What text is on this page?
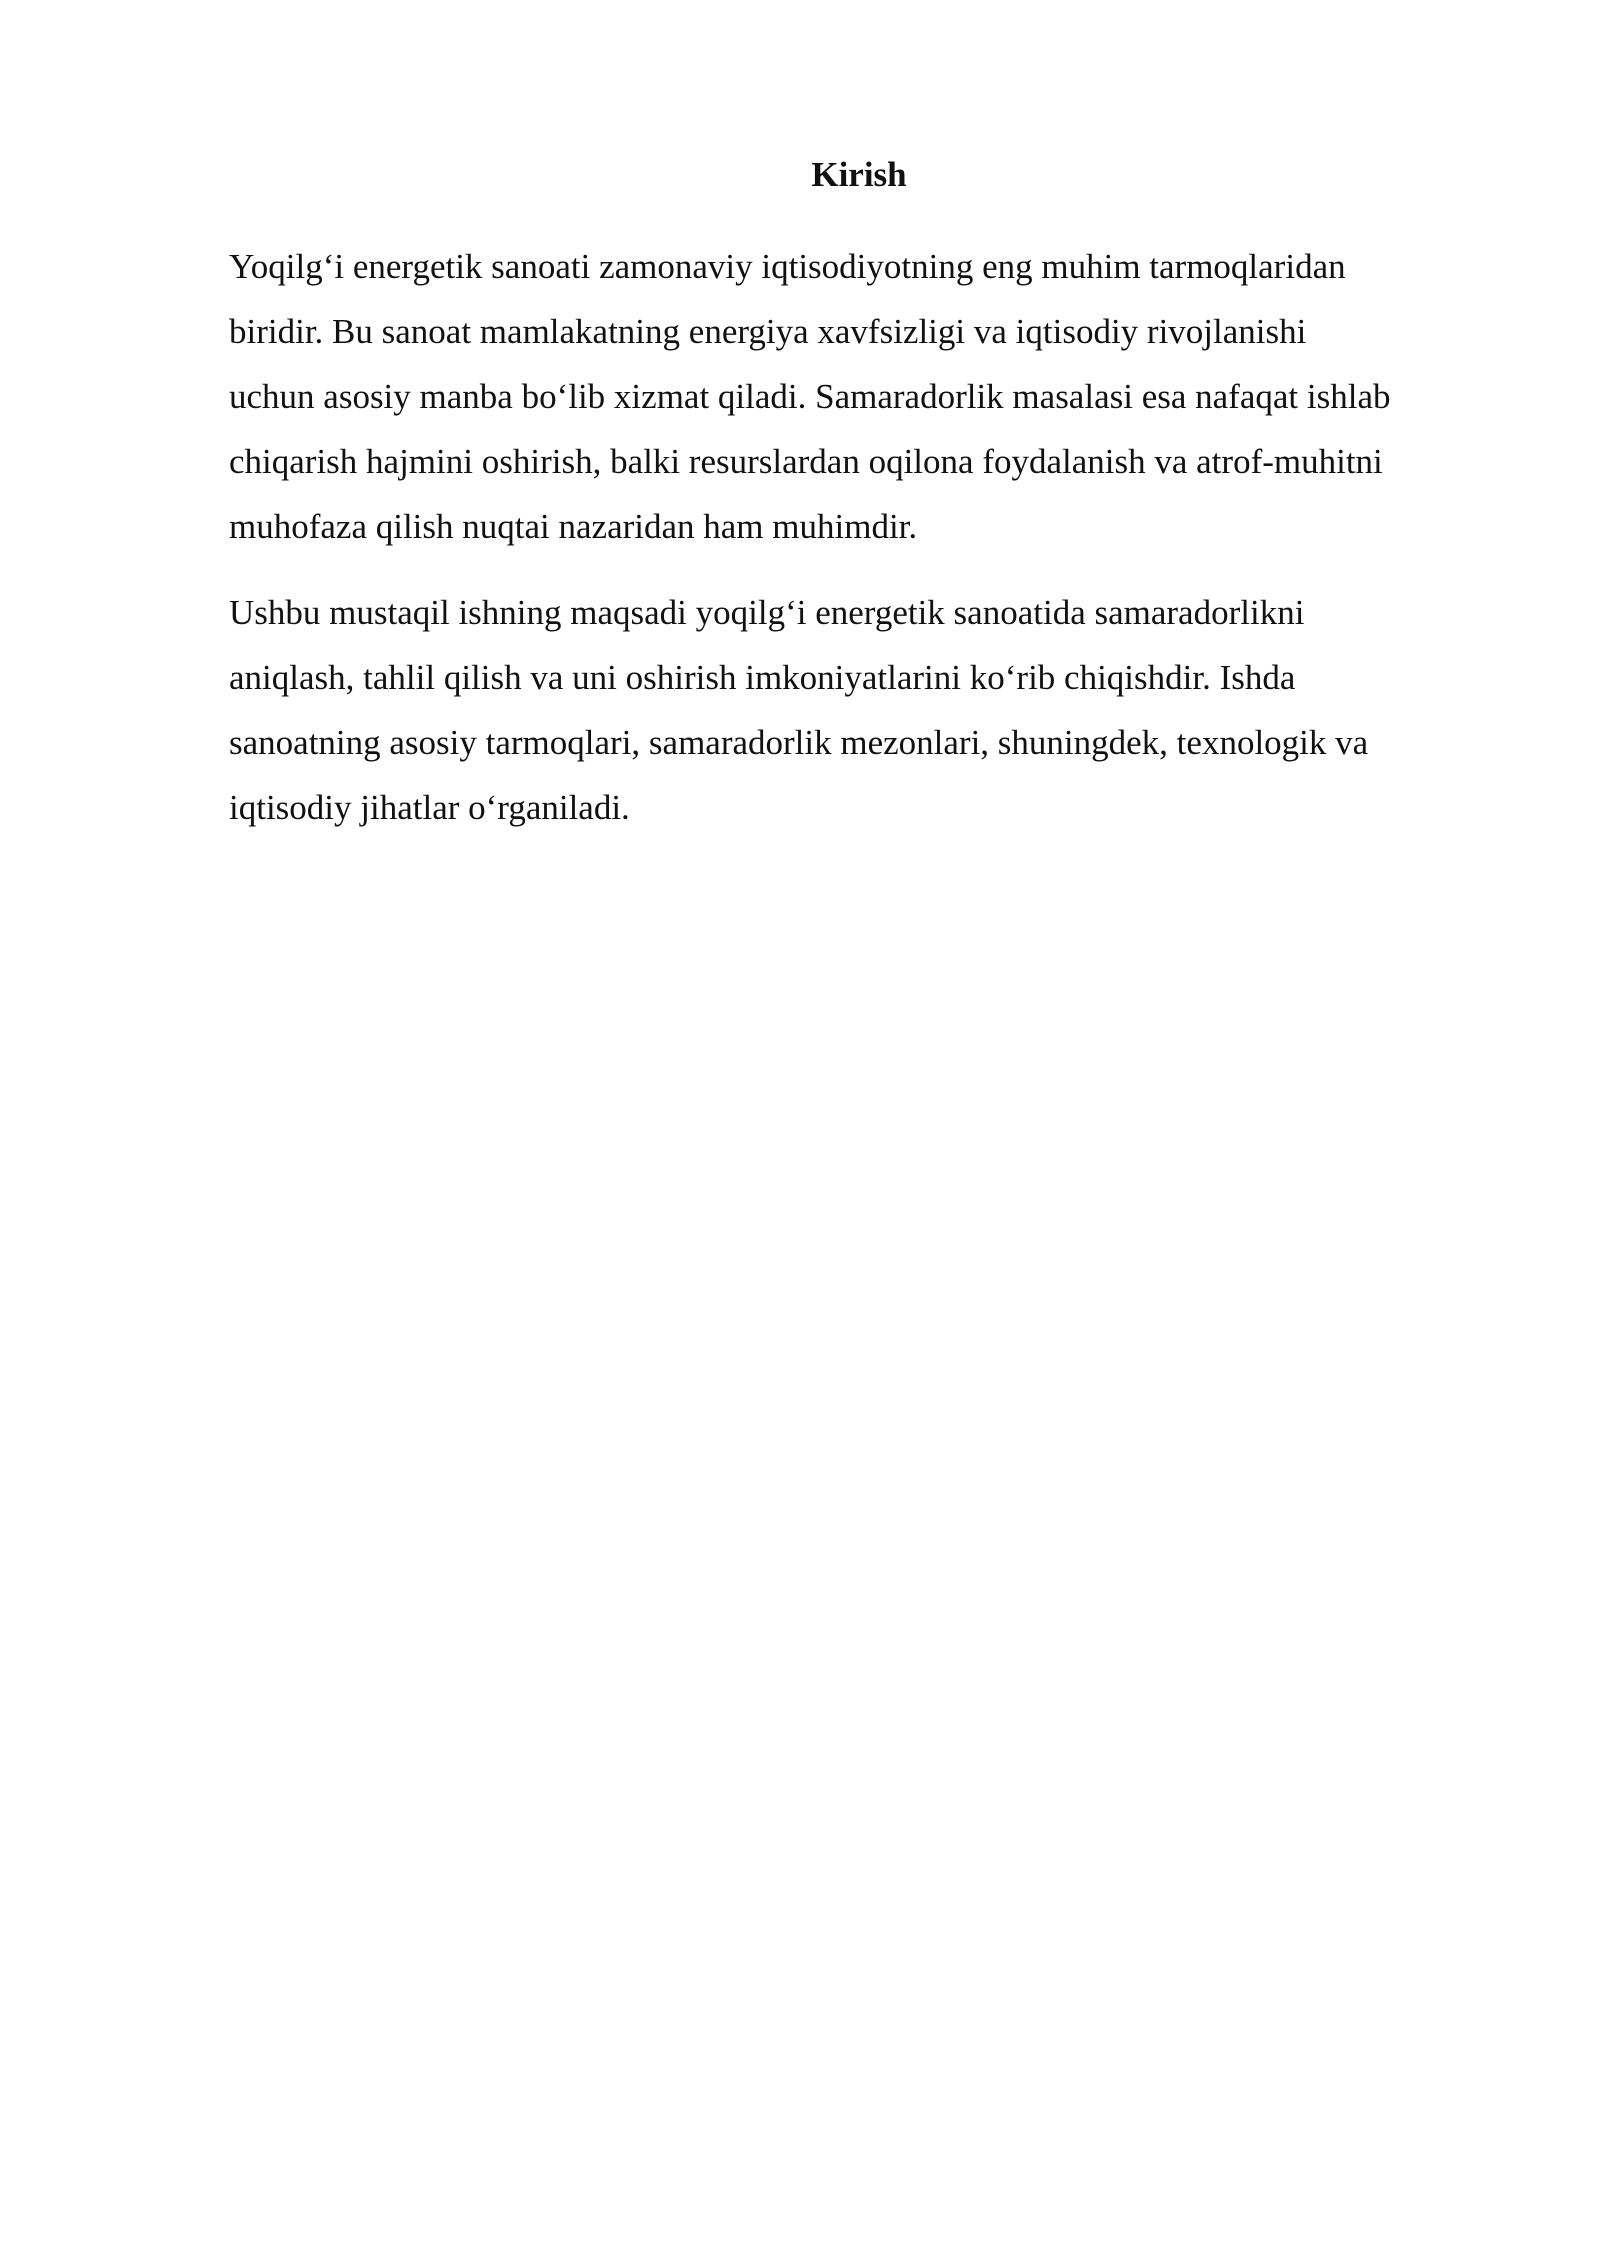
Kirish

Yoqilg‘i energetik sanoati zamonaviy iqtisodiyotning eng muhim tarmoqlaridan
biridir. Bu sanoat mamlakatning energiya xavfsizligi va iqtisodiy rivojlanishi
uchun asosiy manba bo‘lib xizmat qiladi. Samaradorlik masalasi esa nafaqat ishlab
chiqarish hajmini oshirish, balki resurslardan oqilona foydalanish va atrof-muhitni
muhofaza qilish nuqtai nazaridan ham muhimdir.

Ushbu mustaqil ishning maqsadi yoqilg‘i energetik sanoatida samaradorlikni
aniqlash, tahlil qilish va uni oshirish imkoniyatlarini ko‘rib chiqishdir. Ishda
sanoatning asosiy tarmoqlari, samaradorlik mezonlari, shuningdek, texnologik va
iqtisodiy jihatlar o‘rganiladi.
